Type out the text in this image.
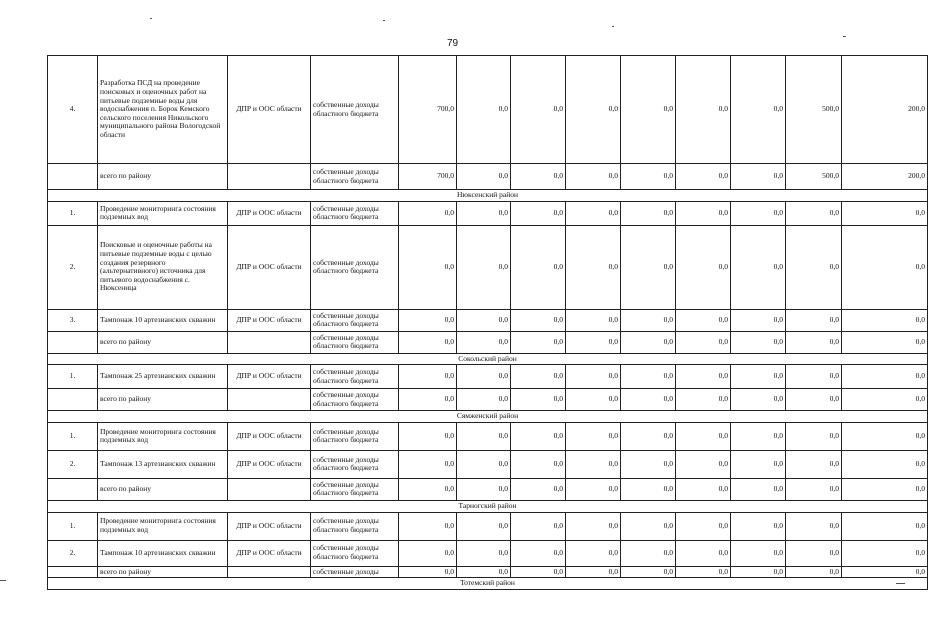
79
4.	Разработка ПСД на проведение поисковых и оценочных работ на питьевые подземные воды для водоснабжения п. Борок Кемского сельского поселения Никольского муниципального района Вологодской области	ДПР и ООС области	собственные доходы областного бюджета	700,0	0,0	0,0	0,0	0,0	0,0	0,0	500,0	200,0
	всего по району		собственные доходы областного бюджета	700,0	0,0	0,0	0,0	0,0	0,0	0,0	500,0	200,0
Нюксенский район												
1.	Проведение мониторинга состояния подземных вод	ДПР и ООС области	собственные доходы областного бюджета	0,0	0,0	0,0	0,0	0,0	0,0	0,0	0,0	0,0
2.	Поисковые и оценочные работы на питьевые подземные воды с целью создания резервного (альтернативного) источника для питьевого водоснабжения с. Нюксеница	ДПР и ООС области	собственные доходы областного бюджета	0,0	0,0	0,0	0,0	0,0	0,0	0,0	0,0	0,0
3.	Тампонаж 10 артезианских скважин	ДПР и ООС области	собственные доходы областного бюджета	0,0	0,0	0,0	0,0	0,0	0,0	0,0	0,0	0,0
	всего по району		собственные доходы областного бюджета	0,0	0,0	0,0	0,0	0,0	0,0	0,0	0,0	0,0
Сокольский район												
1.	Тампонаж 25 артезианских скважин	ДПР и ООС области	собственные доходы областного бюджета	0,0	0,0	0,0	0,0	0,0	0,0	0,0	0,0	0,0
	всего по району		собственные доходы областного бюджета	0,0	0,0	0,0	0,0	0,0	0,0	0,0	0,0	0,0
Сямженский район												
1.	Проведение мониторинга состояния подземных вод	ДПР и ООС области	собственные доходы областного бюджета	0,0	0,0	0,0	0,0	0,0	0,0	0,0	0,0	0,0
2.	Тампонаж 13 артезианских скважин	ДПР и ООС области	собственные доходы областного бюджета	0,0	0,0	0,0	0,0	0,0	0,0	0,0	0,0	0,0
	всего по району		собственные доходы областного бюджета	0,0	0,0	0,0	0,0	0,0	0,0	0,0	0,0	0,0
Тарногский район												
1.	Проведение мониторинга состояния подземных вод	ДПР и ООС области	собственные доходы областного бюджета	0,0	0,0	0,0	0,0	0,0	0,0	0,0	0,0	0,0
2.	Тампонаж 10 артезианских скважин	ДПР и ООС области	собственные доходы областного бюджета	0,0	0,0	0,0	0,0	0,0	0,0	0,0	0,0	0,0
	всего по району		собственные доходы	0,0	0,0	0,0	0,0	0,0	0,0	0,0	0,0	0,0
Тотемский район												
